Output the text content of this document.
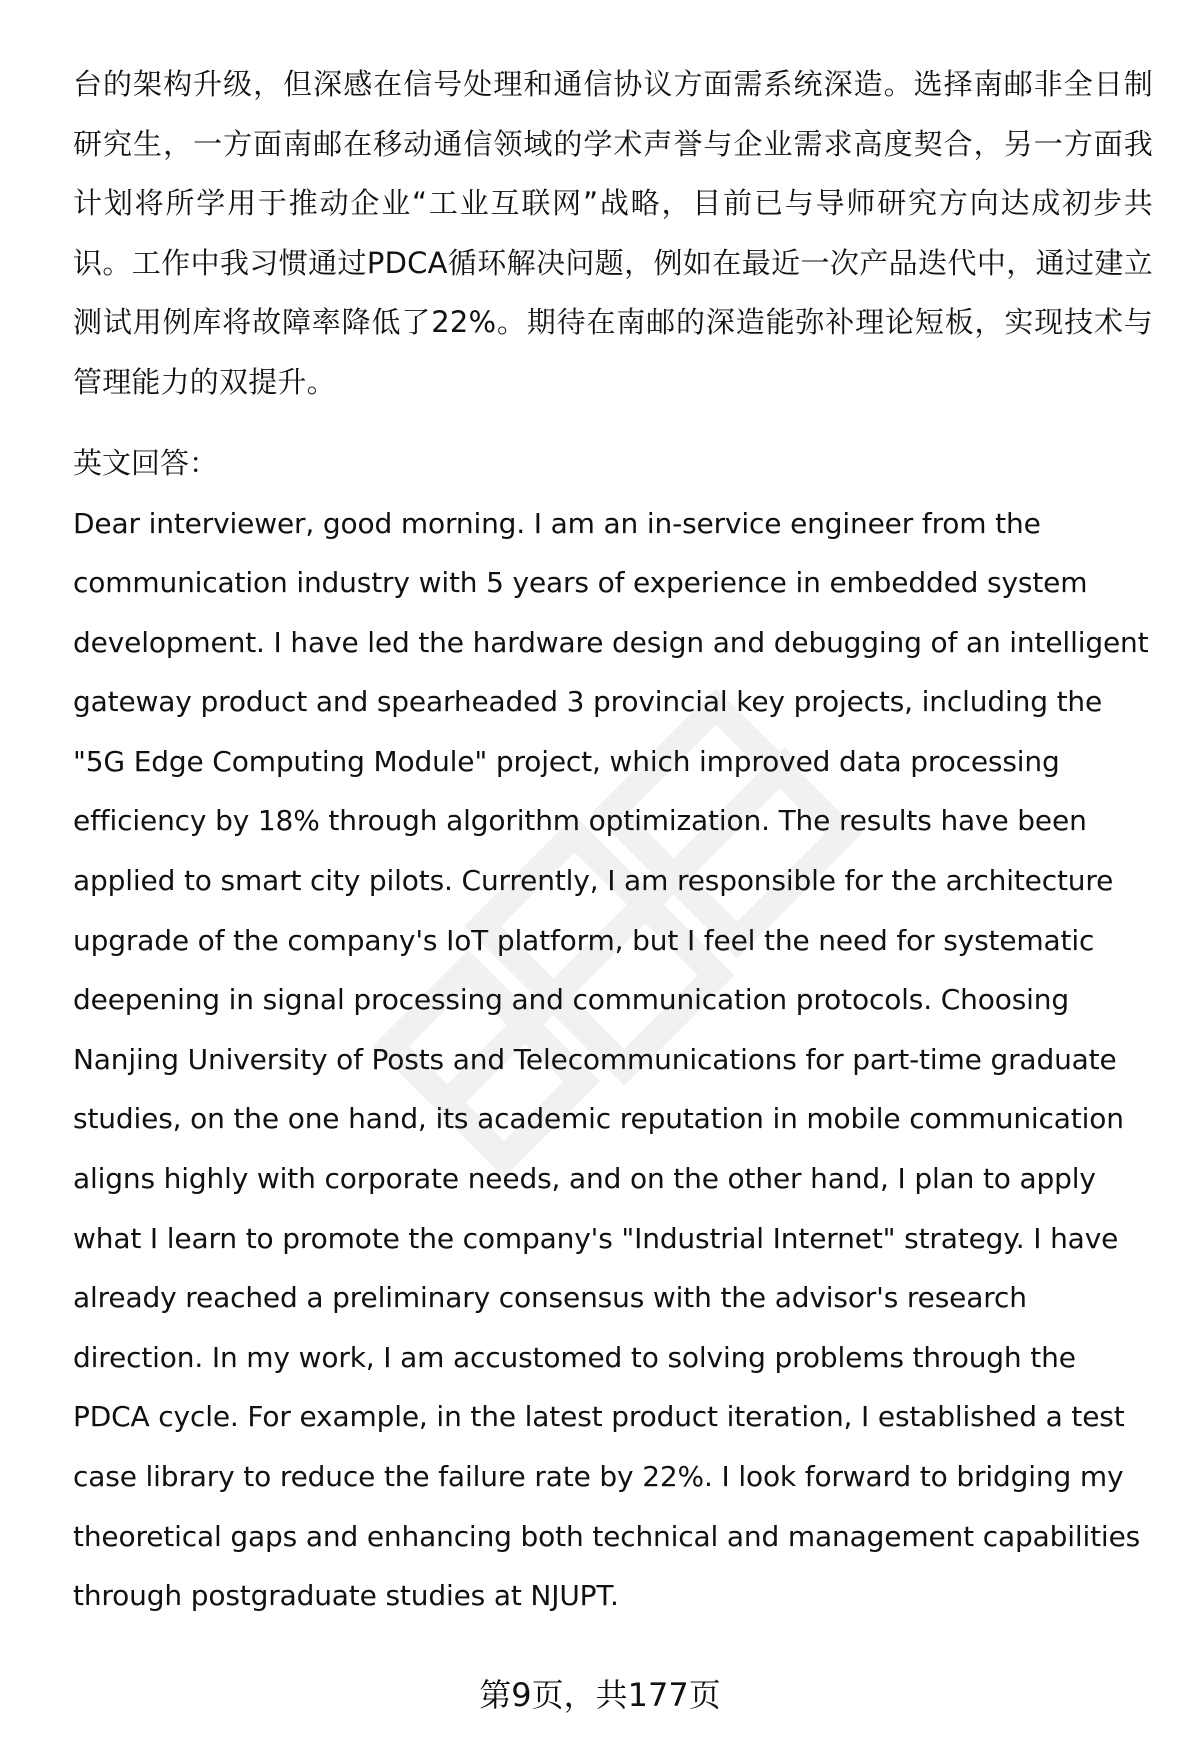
台的架构升级，但深感在信号处理和通信协议方面需系统深造。选择南邮非全日制研究生，一方面南邮在移动通信领域的学术声誉与企业需求高度契合，另一方面我计划将所学用于推动企业“工业互联网”战略，目前已与导师研究方向达成初步共识。工作中我习惯通过PDCA循环解决问题，例如在最近一次产品迭代中，通过建立测试用例库将故障率降低了22%。期待在南邮的深造能弥补理论短板，实现技术与管理能力的双提升。

英文回答：

Dear interviewer, good morning. I am an in-service engineer from the communication industry with 5 years of experience in embedded system development. I have led the hardware design and debugging of an intelligent gateway product and spearheaded 3 provincial key projects, including the "5G Edge Computing Module" project, which improved data processing efficiency by 18% through algorithm optimization. The results have been applied to smart city pilots. Currently, I am responsible for the architecture upgrade of the company's IoT platform, but I feel the need for systematic deepening in signal processing and communication protocols. Choosing Nanjing University of Posts and Telecommunications for part-time graduate studies, on the one hand, its academic reputation in mobile communication aligns highly with corporate needs, and on the other hand, I plan to apply what I learn to promote the company's "Industrial Internet" strategy. I have already reached a preliminary consensus with the advisor's research direction. In my work, I am accustomed to solving problems through the PDCA cycle. For example, in the latest product iteration, I established a test case library to reduce the failure rate by 22%. I look forward to bridging my theoretical gaps and enhancing both technical and management capabilities through postgraduate studies at NJUPT.

第9页，共177页
